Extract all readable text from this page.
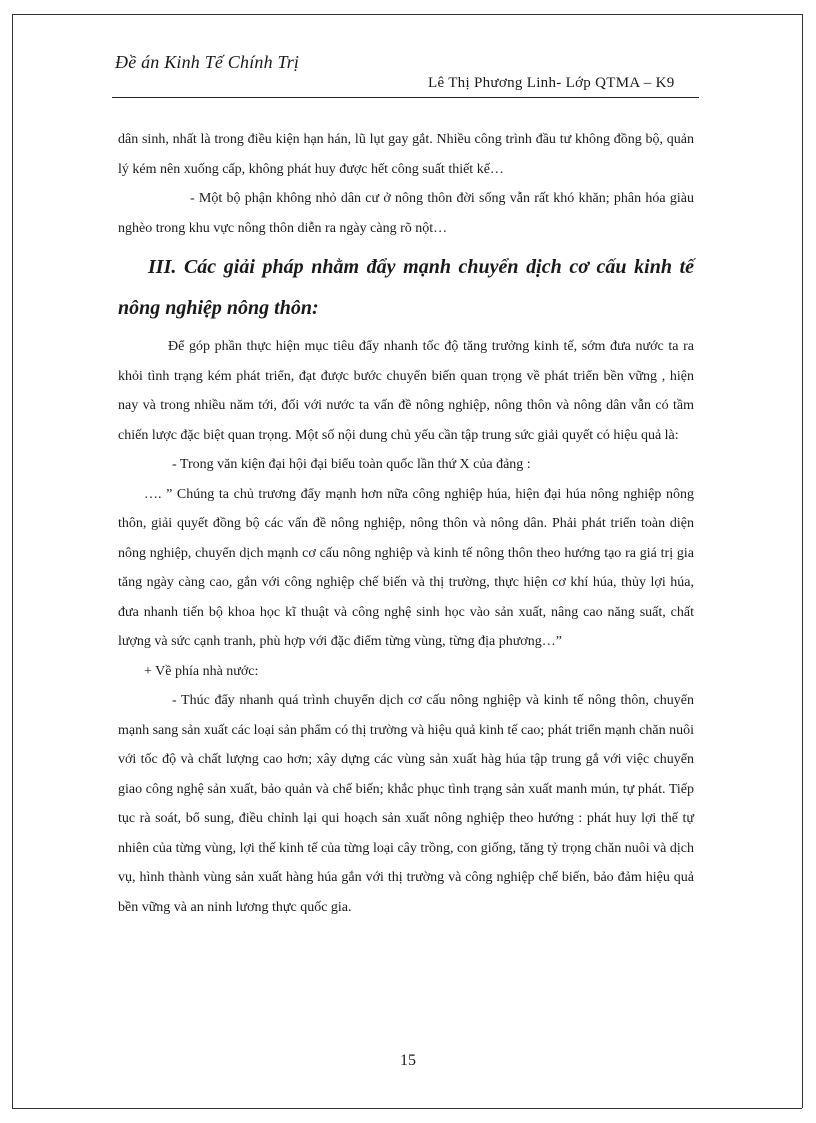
Đề án Kinh Tế Chính Trị
Lê Thị Phương Linh- Lớp QTMA – K9

dân sinh, nhất là trong điều kiện hạn hán, lũ lụt gay gắt. Nhiều công trình đầu tư không đồng bộ, quản lý kém nên xuống cấp, không phát huy được hết công suất thiết kế…

- Một bộ phận không nhỏ dân cư ở nông thôn đời sống vẫn rất khó khăn; phân hóa giàu nghèo trong khu vực nông thôn diễn ra ngày càng rõ nột…

III. Các giải pháp nhằm đẩy mạnh chuyển dịch cơ cấu kinh tế nông nghiệp nông thôn:

Để góp phần thực hiện mục tiêu đẩy nhanh tốc độ tăng trưởng kinh tế, sớm đưa nước ta ra khỏi tình trạng kém phát triển, đạt được bước chuyển biến quan trọng về phát triển bền vững , hiện nay và trong nhiều năm tới, đối với nước ta vấn đề nông nghiệp, nông thôn và nông dân vẫn có tầm chiến lược đặc biệt quan trọng. Một số nội dung chủ yếu cần tập trung sức giải quyết có hiệu quả là:

- Trong văn kiện đại hội đại biểu toàn quốc lần thứ X của đảng :

…. ” Chúng ta chủ trương đẩy mạnh hơn nữa công nghiệp húa, hiện đại húa nông nghiệp nông thôn, giải quyết đồng bộ các vấn đề nông nghiệp, nông thôn và nông dân. Phải phát triển toàn diện nông nghiệp, chuyển dịch mạnh cơ cấu nông nghiệp và kinh tế nông thôn theo hướng tạo ra giá trị gia tăng ngày càng cao, gắn với công nghiệp chế biến và thị trường, thực hiện cơ khí húa, thủy lợi húa, đưa nhanh tiến bộ khoa học kĩ thuật và công nghệ sinh học vào sản xuất, nâng cao năng suất, chất lượng và sức cạnh tranh, phù hợp với đặc điểm từng vùng, từng địa phương…”

+ Về phía nhà nước:

- Thúc đẩy nhanh quá trình chuyển dịch cơ cấu nông nghiệp và kinh tế nông thôn, chuyển mạnh sang sản xuất các loại sản phẩm có thị trường và hiệu quả kinh tế cao; phát triển mạnh chăn nuôi với tốc độ và chất lượng cao hơn; xây dựng các vùng sản xuất hàg húa tập trung gắ với việc chuyển giao công nghệ sản xuất, bảo quản và chế biến; khắc phục tình trạng sản xuất manh mún, tự phát. Tiếp tục rà soát, bổ sung, điều chỉnh lại qui hoạch sản xuất nông nghiệp theo hướng : phát huy lợi thế tự nhiên của từng vùng, lợi thế kinh tế của từng loại cây trồng, con giống, tăng tỷ trọng chăn nuôi và dịch vụ, hình thành vùng sản xuất hàng húa gắn với thị trường và công nghiệp chế biến, bảo đảm hiệu quả bền vững và an ninh lương thực quốc gia.

15
